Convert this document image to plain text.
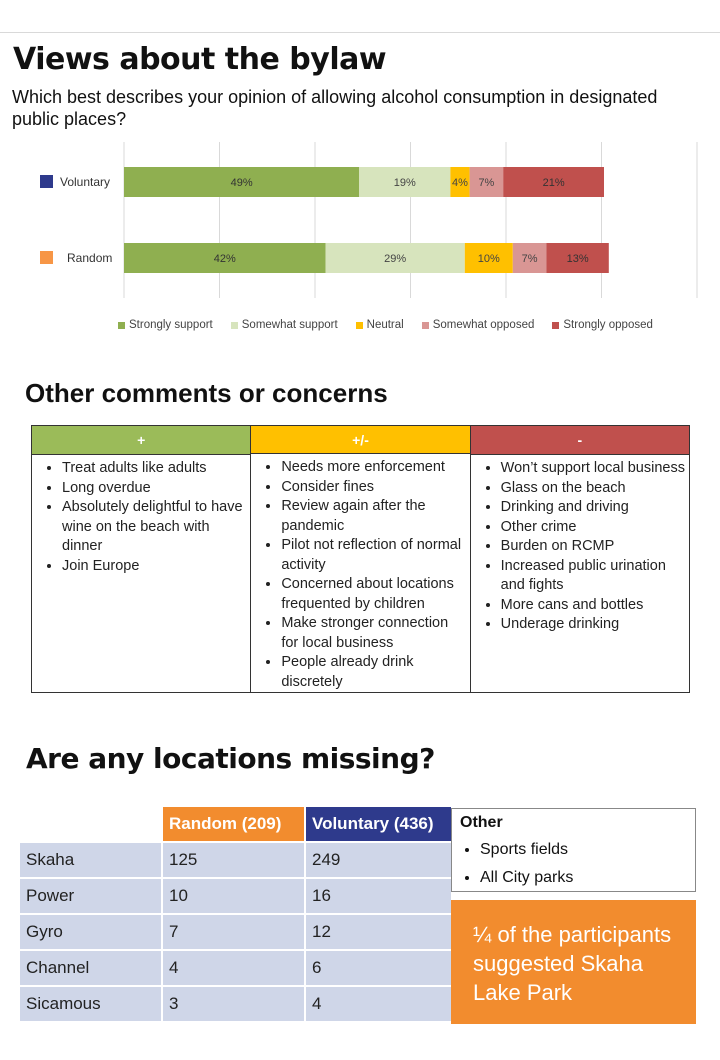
Views about the bylaw
Which best describes your opinion of allowing alcohol consumption in designated public places?
Voluntary	49%	19%	4% 7%	21%
Random	42%	29%	10% 7%	13%
Strongly support	Somewhat support	Neutral	Somewhat opposed	Strongly opposed
Other comments or concerns
+
• Treat adults like adults
• Long overdue
• Absolutely delightful to have wine on the beach with dinner
• Join Europe
+/-
• Needs more enforcement
• Consider fines
• Review again after the pandemic
• Pilot not reflection of normal activity
• Concerned about locations frequented by children
• Make stronger connection for local business
• People already drink discretely
-
• Won’t support local business
• Glass on the beach
• Drinking and driving
• Other crime
• Burden on RCMP
• Increased public urination and fights
• More cans and bottles
• Underage drinking
Are any locations missing?
Random (209)	Voluntary (436)
Skaha	125	249
Power	10	16
Gyro	7	12
Channel	4	6
Sicamous	3	4
Other
• Sports fields
• All City parks
¼ of the participants suggested Skaha Lake Park
